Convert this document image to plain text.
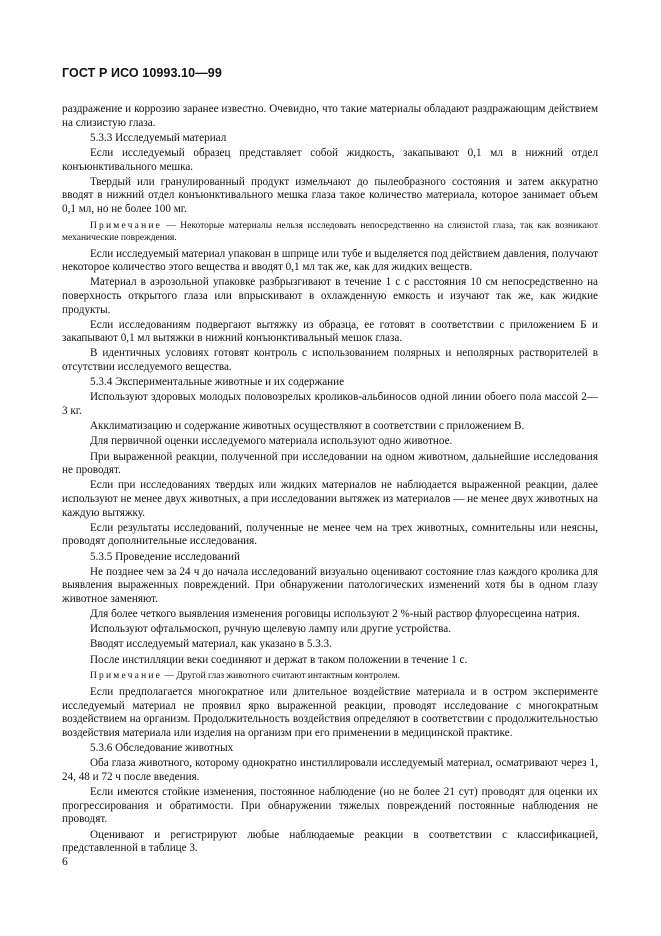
ГОСТ Р ИСО 10993.10—99

раздражение и коррозию заранее известно. Очевидно, что такие материалы обладают раздражающим действием на слизистую глаза.

5.3.3 Исследуемый материал

Если исследуемый образец представляет собой жидкость, закапывают 0,1 мл в нижний отдел конъюнктивального мешка.

Твердый или гранулированный продукт измельчают до пылеобразного состояния и затем аккуратно вводят в нижний отдел конъюнктивального мешка глаза такое количество материала, которое занимает объем 0,1 мл, но не более 100 мг.

Примечание — Некоторые материалы нельзя исследовать непосредственно на слизистой глаза, так как возникают механические повреждения.

Если исследуемый материал упакован в шприце или тубе и выделяется под действием давления, получают некоторое количество этого вещества и вводят 0,1 мл так же, как для жидких веществ.

Материал в аэрозольной упаковке разбрызгивают в течение 1 с с расстояния 10 см непосредственно на поверхность открытого глаза или впрыскивают в охлажденную емкость и изучают так же, как жидкие продукты.

Если исследованиям подвергают вытяжку из образца, ее готовят в соответствии с приложением Б и закапывают 0,1 мл вытяжки в нижний конъюнктивальный мешок глаза.

В идентичных условиях готовят контроль с использованием полярных и неполярных растворителей в отсутствии исследуемого вещества.

5.3.4 Экспериментальные животные и их содержание

Используют здоровых молодых половозрелых кроликов-альбиносов одной линии обоего пола массой 2—3 кг.

Акклиматизацию и содержание животных осуществляют в соответствии с приложением В.

Для первичной оценки исследуемого материала используют одно животное.

При выраженной реакции, полученной при исследовании на одном животном, дальнейшие исследования не проводят.

Если при исследованиях твердых или жидких материалов не наблюдается выраженной реакции, далее используют не менее двух животных, а при исследовании вытяжек из материалов — не менее двух животных на каждую вытяжку.

Если результаты исследований, полученные не менее чем на трех животных, сомнительны или неясны, проводят дополнительные исследования.

5.3.5 Проведение исследований

Не позднее чем за 24 ч до начала исследований визуально оценивают состояние глаз каждого кролика для выявления выраженных повреждений. При обнаружении патологических изменений хотя бы в одном глазу животное заменяют.

Для более четкого выявления изменения роговицы используют 2 %-ный раствор флуоресцеина натрия.

Используют офтальмоскоп, ручную щелевую лампу или другие устройства.

Вводят исследуемый материал, как указано в 5.3.3.

После инстилляции веки соединяют и держат в таком положении в течение 1 с.

Примечание — Другой глаз животного считают интактным контролем.

Если предполагается многократное или длительное воздействие материала и в остром эксперименте исследуемый материал не проявил ярко выраженной реакции, проводят исследование с многократным воздействием на организм. Продолжительность воздействия определяют в соответствии с продолжительностью воздействия материала или изделия на организм при его применении в медицинской практике.

5.3.6 Обследование животных

Оба глаза животного, которому однократно инстиллировали исследуемый материал, осматривают через 1, 24, 48 и 72 ч после введения.

Если имеются стойкие изменения, постоянное наблюдение (но не более 21 сут) проводят для оценки их прогрессирования и обратимости. При обнаружении тяжелых повреждений постоянные наблюдения не проводят.

Оценивают и регистрируют любые наблюдаемые реакции в соответствии с классификацией, представленной в таблице 3.

6
